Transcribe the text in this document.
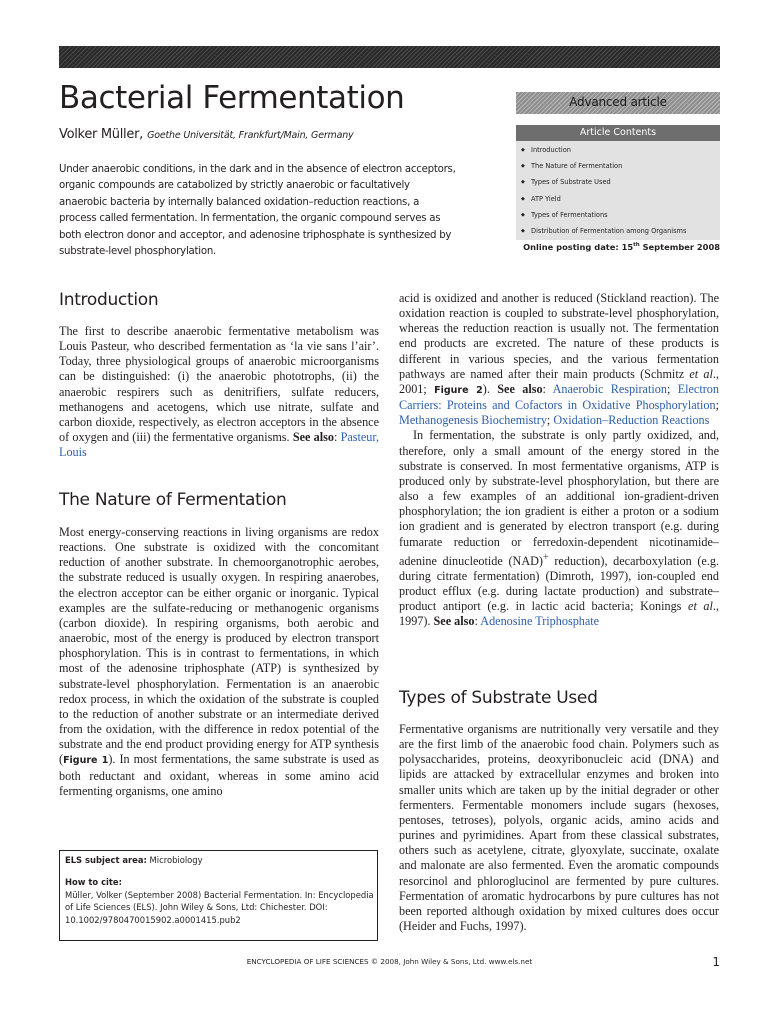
Bacterial Fermentation
Volker Müller, Goethe Universität, Frankfurt/Main, Germany

Under anaerobic conditions, in the dark and in the absence of electron acceptors, organic compounds are catabolized by strictly anaerobic or facultatively anaerobic bacteria by internally balanced oxidation–reduction reactions, a process called fermentation. In fermentation, the organic compound serves as both electron donor and acceptor, and adenosine triphosphate is synthesized by substrate-level phosphorylation.

Advanced article
Article Contents
◆ Introduction
◆ The Nature of Fermentation
◆ Types of Substrate Used
◆ ATP Yield
◆ Types of Fermentations
◆ Distribution of Fermentation among Organisms
Online posting date: 15th September 2008
Introduction

The first to describe anaerobic fermentative metabolism was Louis Pasteur, who described fermentation as ‘la vie sans l’air’. Today, three physiological groups of anaerobic microorganisms can be distinguished: (i) the anaerobic phototrophs, (ii) the anaerobic respirers such as denitrifiers, sulfate reducers, methanogens and acetogens, which use nitrate, sulfate and carbon dioxide, respectively, as electron acceptors in the absence of oxygen and (iii) the fermentative organisms. See also: Pasteur, Louis

The Nature of Fermentation

Most energy-conserving reactions in living organisms are redox reactions. One substrate is oxidized with the concomitant reduction of another substrate. In chemoorganotrophic aerobes, the substrate reduced is usually oxygen. In respiring anaerobes, the electron acceptor can be either organic or inorganic. Typical examples are the sulfate-reducing or methanogenic organisms (carbon dioxide). In respiring organisms, both aerobic and anaerobic, most of the energy is produced by electron transport phosphorylation. This is in contrast to fermentations, in which most of the adenosine triphosphate (ATP) is synthesized by substrate-level phosphorylation. Fermentation is an anaerobic redox process, in which the oxidation of the substrate is coupled to the reduction of another substrate or an intermediate derived from the oxidation, with the difference in redox potential of the substrate and the end product providing energy for ATP synthesis (Figure 1). In most fermentations, the same substrate is used as both reductant and oxidant, whereas in some amino acid fermenting organisms, one amino

ELS subject area: Microbiology
How to cite:
Müller, Volker (September 2008) Bacterial Fermentation. In: Encyclopedia of Life Sciences (ELS). John Wiley & Sons, Ltd: Chichester. DOI: 10.1002/9780470015902.a0001415.pub2

acid is oxidized and another is reduced (Stickland reaction). The oxidation reaction is coupled to substrate-level phosphorylation, whereas the reduction reaction is usually not. The fermentation end products are excreted. The nature of these products is different in various species, and the various fermentation pathways are named after their main products (Schmitz et al., 2001; Figure 2). See also: Anaerobic Respiration; Electron Carriers: Proteins and Cofactors in Oxidative Phosphorylation; Methanogenesis Biochemistry; Oxidation–Reduction Reactions
In fermentation, the substrate is only partly oxidized, and, therefore, only a small amount of the energy stored in the substrate is conserved. In most fermentative organisms, ATP is produced only by substrate-level phosphorylation, but there are also a few examples of an additional ion-gradient-driven phosphorylation; the ion gradient is either a proton or a sodium ion gradient and is generated by electron transport (e.g. during fumarate reduction or ferredoxin-dependent nicotinamide–adenine dinucleotide (NAD)+ reduction), decarboxylation (e.g. during citrate fermentation) (Dimroth, 1997), ion-coupled end product efflux (e.g. during lactate production) and substrate–product antiport (e.g. in lactic acid bacteria; Konings et al., 1997). See also: Adenosine Triphosphate

Types of Substrate Used

Fermentative organisms are nutritionally very versatile and they are the first limb of the anaerobic food chain. Polymers such as polysaccharides, proteins, deoxyribonucleic acid (DNA) and lipids are attacked by extracellular enzymes and broken into smaller units which are taken up by the initial degrader or other fermenters. Fermentable monomers include sugars (hexoses, pentoses, tetroses), polyols, organic acids, amino acids and purines and pyrimidines. Apart from these classical substrates, others such as acetylene, citrate, glyoxylate, succinate, oxalate and malonate are also fermented. Even the aromatic compounds resorcinol and phloroglucinol are fermented by pure cultures. Fermentation of aromatic hydrocarbons by pure cultures has not been reported although oxidation by mixed cultures does occur (Heider and Fuchs, 1997).

ENCYCLOPEDIA OF LIFE SCIENCES © 2008, John Wiley & Sons, Ltd. www.els.net	1
